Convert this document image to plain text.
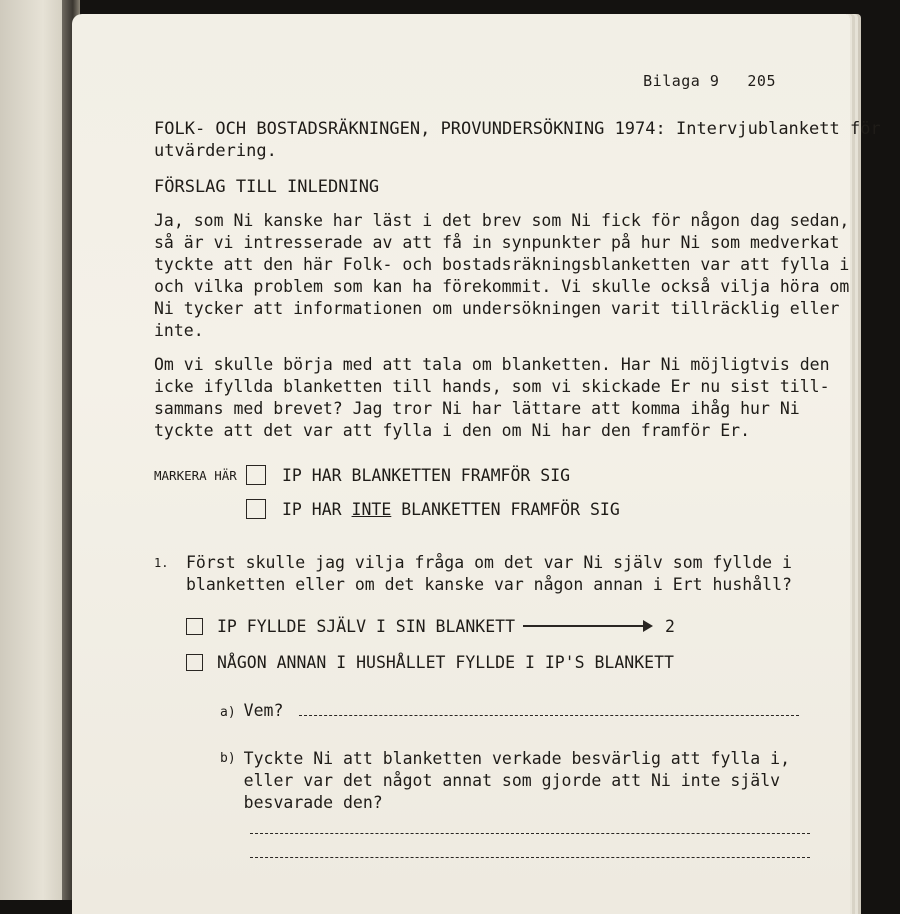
Bilaga 9 205
FOLK- OCH BOSTADSRÄKNINGEN, PROVUNDERSÖKNING 1974: Intervjublankett för
utvärdering.
FÖRSLAG TILL INLEDNING
Ja, som Ni kanske har läst i det brev som Ni fick för någon dag sedan,
så är vi intresserade av att få in synpunkter på hur Ni som medverkat
tyckte att den här Folk- och bostadsräkningsblanketten var att fylla i
och vilka problem som kan ha förekommit. Vi skulle också vilja höra om
Ni tycker att informationen om undersökningen varit tillräcklig eller
inte.
Om vi skulle börja med att tala om blanketten. Har Ni möjligtvis den
icke ifyllda blanketten till hands, som vi skickade Er nu sist till-
sammans med brevet? Jag tror Ni har lättare att komma ihåg hur Ni
tyckte att det var att fylla i den om Ni har den framför Er.
MARKERA HÄR	IP HAR BLANKETTEN FRAMFÖR SIG
IP HAR INTE BLANKETTEN FRAMFÖR SIG
1.	Först skulle jag vilja fråga om det var Ni själv som fyllde i
blanketten eller om det kanske var någon annan i Ert hushåll?
IP FYLLDE SJÄLV I SIN BLANKETT	2
NÅGON ANNAN I HUSHÅLLET FYLLDE I IP'S BLANKETT
a) Vem?
b) Tyckte Ni att blanketten verkade besvärlig att fylla i,
eller var det något annat som gjorde att Ni inte själv
besvarade den?
